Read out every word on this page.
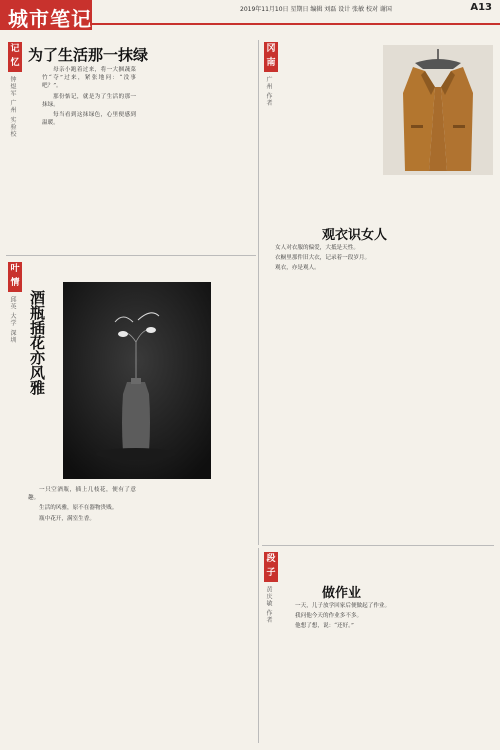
2019年11月10日 星期日 编辑 刘磊 设计 张敏 校对 谢国	A13
城市笔记
记忆
钟煜军 广州 实验校
为了生活那一抹绿

母亲小跑着过来，将一大捆蔬菜竹“夺”过来，紧张地问：“没事吧？”。

那份惦记，就是为了生活的那一抹绿。

每当看到这抹绿色，心里便感到温暖。

冈南
广州 作者
观衣识女人

女人对衣服的偏爱，大抵是天性。

衣橱里那件旧大衣，记录着一段岁月。

观衣，亦是观人。

叶情
邱英 大学 深圳 酒瓶插花亦风雅

一只空酒瓶，插上几枝花，便有了意趣。

生活的风雅，原不在器物贵贱。

瓶中花开，满室生香。

段子
黄庆敏 作者	做作业

一天，儿子放学回家后便做起了作业。

我问他今天的作业多不多。

他想了想，说：“还好。”
